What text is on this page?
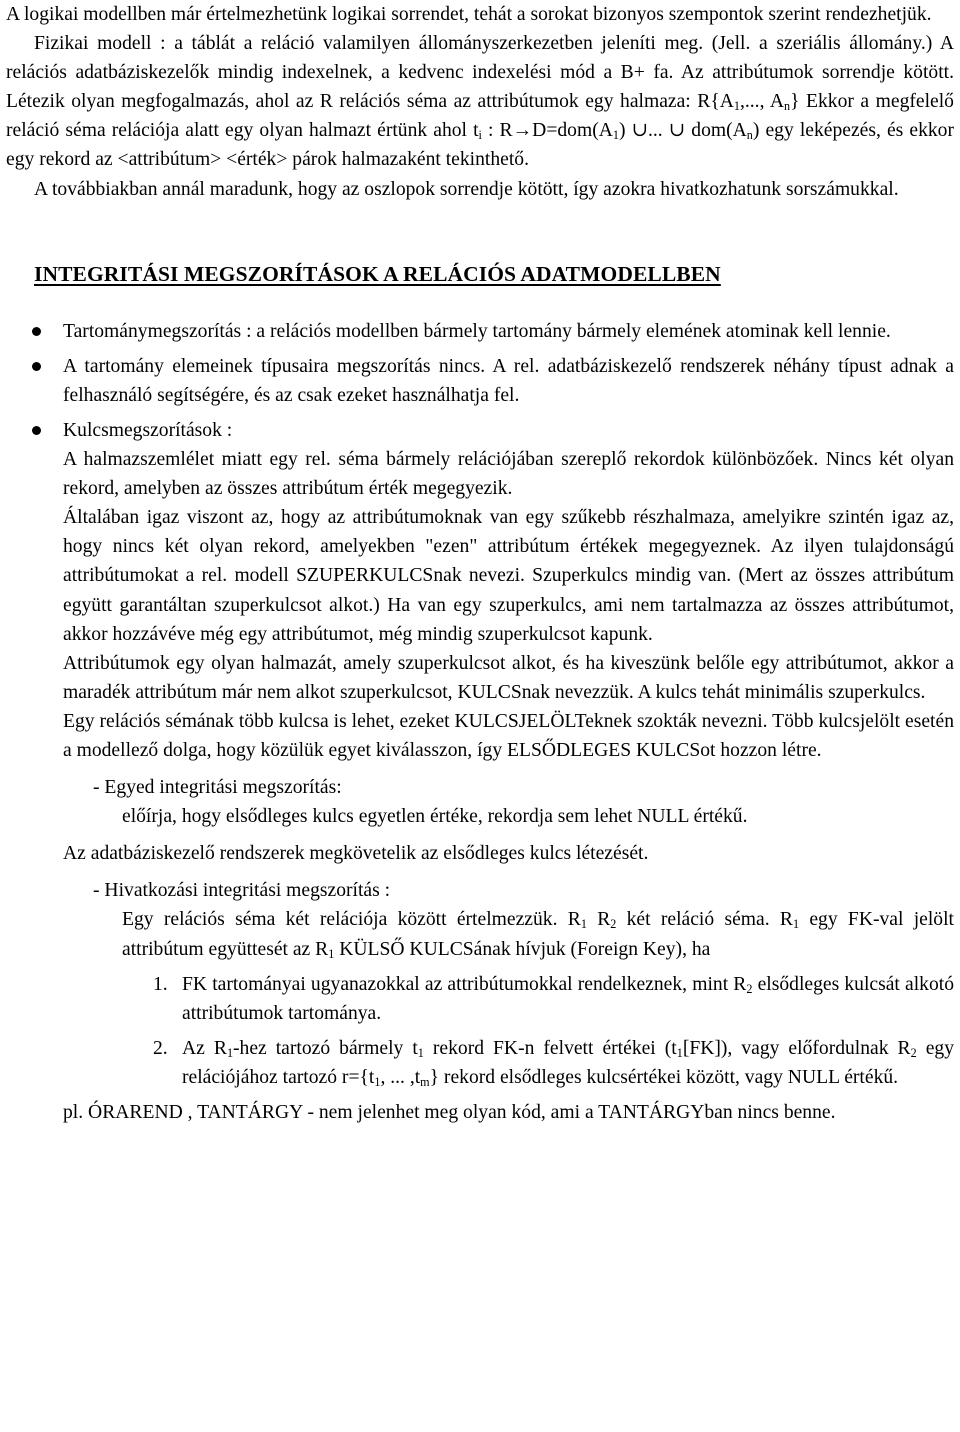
A logikai modellben már értelmezhetünk logikai sorrendet, tehát a sorokat bizonyos szempontok szerint rendezhetjük.

Fizikai modell : a táblát a reláció valamilyen állományszerkezetben jeleníti meg. (Jell. a szeriális állomány.) A relációs adatbáziskezelők mindig indexelnek, a kedvenc indexelési mód a B+ fa. Az attribútumok sorrendje kötött. Létezik olyan megfogalmazás, ahol az R relációs séma az attribútumok egy halmaza: $R\{A_1$,..., $A_n$} Ekkor a megfelelő reláció séma relációja alatt egy olyan halmazt értünk ahol $t_i$ : $R\to D=dom(A_1)$ ∪... ∪ $dom(A_n)$ egy leképezés, és ekkor egy rekord az <attribútum> <érték> párok halmazaként tekinthető.

A továbbiakban annál maradunk, hogy az oszlopok sorrendje kötött, így azokra hivatkozhatunk sorszámukkal.

INTEGRITÁSI MEGSZORÍTÁSOK A RELÁCIÓS ADATMODELLBEN
Tartománymegszorítás : a relációs modellben bármely tartomány bármely elemének atominak kell lennie.
A tartomány elemeinek típusaira megszorítás nincs. A rel. adatbáziskezelő rendszerek néhány típust adnak a felhasználó segítségére, és az csak ezeket használhatja fel.
Kulcsmegszorítások :

A halmazszemlélet miatt egy rel. séma bármely relációjában szereplő rekordok különbözőek. Nincs két olyan rekord, amelyben az összes attribútum érték megegyezik.

Általában igaz viszont az, hogy az attribútumoknak van egy szűkebb részhalmaza, amelyikre szintén igaz az, hogy nincs két olyan rekord, amelyekben "ezen" attribútum értékek megegyeznek. Az ilyen tulajdonságú attribútumokat a rel. modell SZUPERKULCSnak nevezi. Szuperkulcs mindig van. (Mert az összes attribútum együtt garantáltan szuperkulcsot alkot.) Ha van egy szuperkulcs, ami nem tartalmazza az összes attribútumot, akkor hozzávéve még egy attribútumot, még mindig szuperkulcsot kapunk.

Attribútumok egy olyan halmazát, amely szuperkulcsot alkot, és ha kiveszünk belőle egy attribútumot, akkor a maradék attribútum már nem alkot szuperkulcsot, KULCSnak nevezzük. A kulcs tehát minimális szuperkulcs.

Egy relációs sémának több kulcsa is lehet, ezeket KULCSJELÖLTeknek szokták nevezni. Több kulcsjelölt esetén a modellező dolga, hogy közülük egyet kiválasszon, így ELSŐDLEGES KULCSot hozzon létre.

- Egyed integritási megszorítás:

előírja, hogy elsődleges kulcs egyetlen értéke, rekordja sem lehet NULL értékű.

Az adatbáziskezelő rendszerek megkövetelik az elsődleges kulcs létezését.

- Hivatkozási integritási megszorítás :

Egy relációs séma két relációja között értelmezzük. $R_1$ $R_2$ két reláció séma. $R_1$ egy FK-val jelölt attribútum együttesét az $R_1$ KÜLSŐ KULCSának hívjuk (Foreign Key), ha

1. FK tartományai ugyanazokkal az attribútumokkal rendelkeznek, mint $R_2$ elsődleges kulcsát alkotó attribútumok tartománya.
2. Az $R_1$-hez tartozó bármely $t_1$ rekord FK-n felvett értékei $(t_1[FK])$, vagy előfordulnak $R_2$ egy relációjához tartozó $r=\{t_1$, ... $,t_m$} rekord elsődleges kulcsértékei között, vagy NULL értékű.

pl. ÓRAREND , TANTÁRGY - nem jelenhet meg olyan kód, ami a TANTÁRGYban nincs benne.
